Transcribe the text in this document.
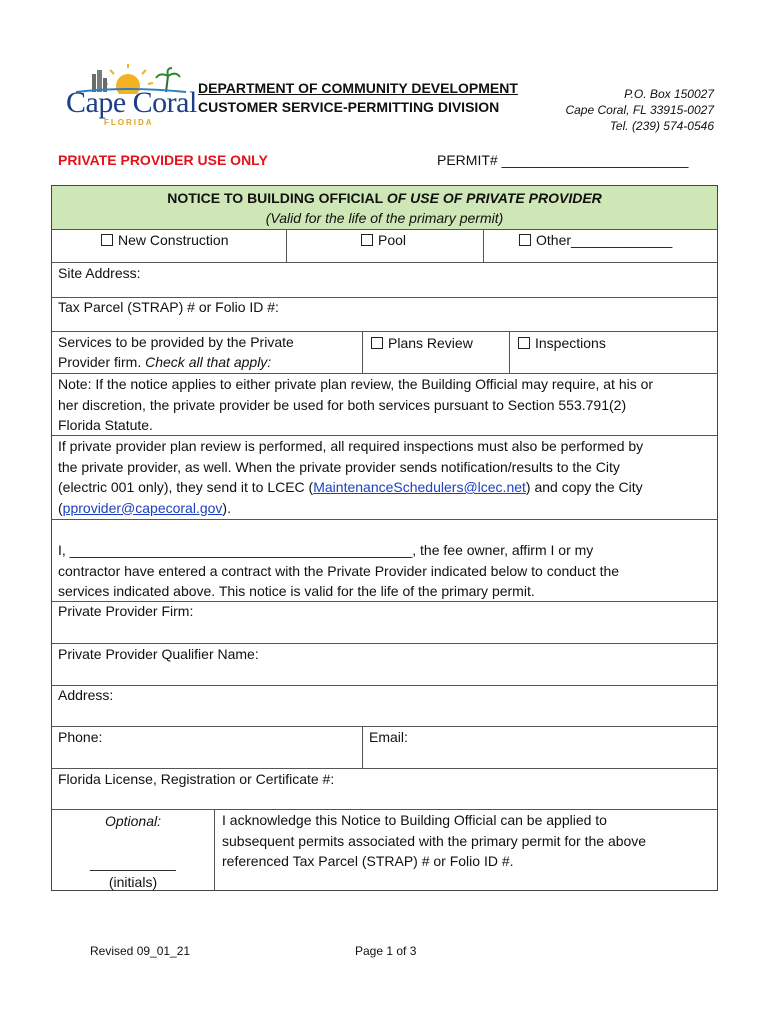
Cape Coral
FLORIDA
DEPARTMENT OF COMMUNITY DEVELOPMENT
CUSTOMER SERVICE-PERMITTING DIVISION
P.O. Box 150027
Cape Coral, FL 33915-0027
Tel. (239) 574-0546
PRIVATE PROVIDER USE ONLY	PERMIT# ________________________
NOTICE TO BUILDING OFFICIAL OF USE OF PRIVATE PROVIDER
(Valid for the life of the primary permit)
New Construction	Pool	Other_____________
Site Address:
Tax Parcel (STRAP) # or Folio ID #:
Services to be provided by the Private
Provider firm. Check all that apply:
Plans Review	Inspections
Note: If the notice applies to either private plan review, the Building Official may require, at his or
her discretion, the private provider be used for both services pursuant to Section 553.791(2)
Florida Statute.
If private provider plan review is performed, all required inspections must also be performed by
the private provider, as well. When the private provider sends notification/results to the City
(electric 001 only), they send it to LCEC (MaintenanceSchedulers@lcec.net) and copy the City
(pprovider@capecoral.gov).
I, ____________________________________________, the fee owner, affirm I or my
contractor have entered a contract with the Private Provider indicated below to conduct the
services indicated above. This notice is valid for the life of the primary permit.
Private Provider Firm:
Private Provider Qualifier Name:
Address:
Phone:	Email:
Florida License, Registration or Certificate #:
Optional:
___________
(initials)
I acknowledge this Notice to Building Official can be applied to
subsequent permits associated with the primary permit for the above
referenced Tax Parcel (STRAP) # or Folio ID #.
Revised 09_01_21	Page 1 of 3
